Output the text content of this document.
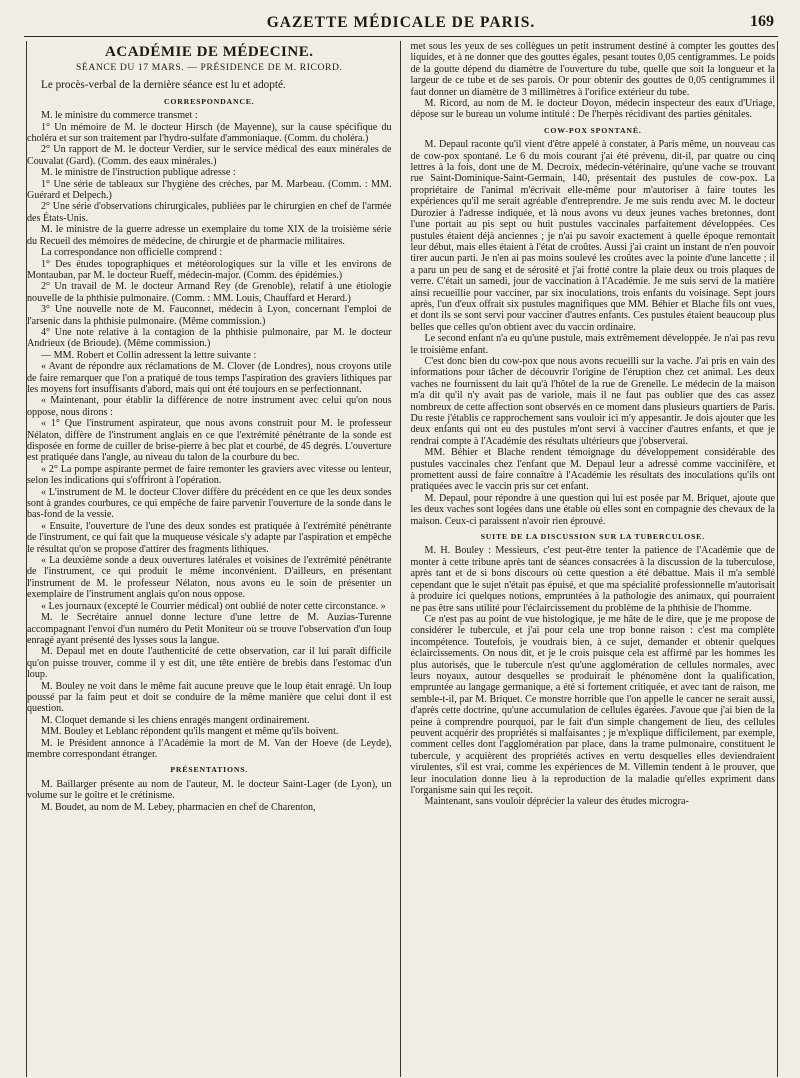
GAZETTE MÉDICALE DE PARIS.	169

ACADÉMIE DE MÉDECINE.

SÉANCE DU 17 MARS. — PRÉSIDENCE DE M. RICORD.

Le procès-verbal de la dernière séance est lu et adopté.

CORRESPONDANCE.

M. le ministre du commerce transmet :

1° Un mémoire de M. le docteur Hirsch (de Mayenne), sur la cause spécifique du choléra et sur son traitement par l'hydro-sulfate d'ammoniaque. (Comm. du choléra.)

2° Un rapport de M. le docteur Verdier, sur le service médical des eaux minérales de Couvalat (Gard). (Comm. des eaux minérales.)

M. le ministre de l'instruction publique adresse :

1° Une série de tableaux sur l'hygiène des crèches, par M. Marbeau. (Comm. : MM. Guérard et Delpech.)

2° Une série d'observations chirurgicales, publiées par le chirurgien en chef de l'armée des États-Unis.

M. le ministre de la guerre adresse un exemplaire du tome XIX de la troisième série du Recueil des mémoires de médecine, de chirurgie et de pharmacie militaires.

La correspondance non officielle comprend :

1° Des études topographiques et météorologiques sur la ville et les environs de Montauban, par M. le docteur Rueff, médecin-major. (Comm. des épidémies.)

2° Un travail de M. le docteur Armand Rey (de Grenoble), relatif à une étiologie nouvelle de la phthisie pulmonaire. (Comm. : MM. Louis, Chauffard et Herard.)

3° Une nouvelle note de M. Fauconnet, médecin à Lyon, concernant l'emploi de l'arsenic dans la phthisie pulmonaire. (Même commission.)

4° Une note relative à la contagion de la phthisie pulmonaire, par M. le docteur Andrieux (de Brioude). (Même commission.)

— MM. Robert et Collin adressent la lettre suivante :

« Avant de répondre aux réclamations de M. Clover (de Londres), nous croyons utile de faire remarquer que l'on a pratiqué de tous temps l'aspiration des graviers lithiques par les moyens fort insuffisants d'abord, mais qui ont été toujours en se perfectionnant.

« Maintenant, pour établir la différence de notre instrument avec celui qu'on nous oppose, nous dirons :

« 1° Que l'instrument aspirateur, que nous avons construit pour M. le professeur Nélaton, diffère de l'instrument anglais en ce que l'extrémité pénétrante de la sonde est disposée en forme de cuiller de brise-pierre à bec plat et courbé, de 45 degrés. L'ouverture est pratiquée dans l'angle, au niveau du talon de la courbure du bec.

« 2° La pompe aspirante permet de faire remonter les graviers avec vitesse ou lenteur, selon les indications qui s'offriront à l'opération.

« L'instrument de M. le docteur Clover diffère du précédent en ce que les deux sondes sont à grandes courbures, ce qui empêche de faire parvenir l'ouverture de la sonde dans le bas-fond de la vessie.

« Ensuite, l'ouverture de l'une des deux sondes est pratiquée à l'extrémité pénétrante de l'instrument, ce qui fait que la muqueuse vésicale s'y adapte par l'aspiration et empêche le résultat qu'on se propose d'attirer des fragments lithiques.

« La deuxième sonde a deux ouvertures latérales et voisines de l'extrémité pénétrante de l'instrument, ce qui produit le même inconvénient. D'ailleurs, en présentant l'instrument de M. le professeur Nélaton, nous avons eu le soin de présenter un exemplaire de l'instrument anglais qu'on nous oppose.

« Les journaux (excepté le Courrier médical) ont oublié de noter cette circonstance. »

M. le Secrétaire annuel donne lecture d'une lettre de M. Auzias-Turenne accompagnant l'envoi d'un numéro du Petit Moniteur où se trouve l'observation d'un loup enragé ayant présenté des lysses sous la langue.

M. Depaul met en doute l'authenticité de cette observation, car il lui paraît difficile qu'on puisse trouver, comme il y est dit, une tête entière de brebis dans l'estomac d'un loup.

M. Bouley ne voit dans le même fait aucune preuve que le loup était enragé. Un loup poussé par la faim peut et doit se conduire de la même manière que celui dont il est question.

M. Cloquet demande si les chiens enragés mangent ordinairement.

MM. Bouley et Leblanc répondent qu'ils mangent et même qu'ils boivent.

M. le Président annonce à l'Académie la mort de M. Van der Hoeve (de Leyde), membre correspondant étranger.

PRÉSENTATIONS.

M. Baillarger présente au nom de l'auteur, M. le docteur Saint-Lager (de Lyon), un volume sur le goître et le crétinisme.

M. Boudet, au nom de M. Lebey, pharmacien en chef de Charenton,

met sous les yeux de ses collègues un petit instrument destiné à compter les gouttes des liquides, et à ne donner que des gouttes égales, pesant toutes 0,05 centigrammes. Le poids de la goutte dépend du diamètre de l'ouverture du tube, quelle que soit la longueur et la largeur de ce tube et de ses parois. Or pour obtenir des gouttes de 0,05 centigrammes il faut donner un diamètre de 3 millimètres à l'orifice extérieur du tube.

M. Ricord, au nom de M. le docteur Doyon, médecin inspecteur des eaux d'Uriage, dépose sur le bureau un volume intitulé : De l'herpès récidivant des parties génitales.

COW-POX SPONTANÉ.

M. Depaul raconte qu'il vient d'être appelé à constater, à Paris même, un nouveau cas de cow-pox spontané. Le 6 du mois courant j'ai été prévenu, dit-il, par quatre ou cinq lettres à la fois, dont une de M. Decroix, médecin-vétérinaire, qu'une vache se trouvant rue Saint-Dominique-Saint-Germain, 140, présentait des pustules de cow-pox. La propriétaire de l'animal m'écrivait elle-même pour m'autoriser à faire toutes les expériences qu'il me serait agréable d'entreprendre. Je me suis rendu avec M. le docteur Durozier à l'adresse indiquée, et là nous avons vu deux jeunes vaches bretonnes, dont l'une portait au pis sept ou huit pustules vaccinales parfaitement développées. Ces pustules étaient déjà anciennes ; je n'ai pu savoir exactement à quelle époque remontait leur début, mais elles étaient à l'état de croûtes. Aussi j'ai craint un instant de n'en pouvoir tirer aucun parti. Je n'en ai pas moins soulevé les croûtes avec la pointe d'une lancette ; il a paru un peu de sang et de sérosité et j'ai frotté contre la plaie deux ou trois plaques de verre. C'était un samedi, jour de vaccination à l'Académie. Je me suis servi de la matière ainsi recueillie pour vacciner, par six inoculations, trois enfants du voisinage. Sept jours après, l'un d'eux offrait six pustules magnifiques que MM. Béhier et Blache fils ont vues, et dont ils se sont servi pour vacciner d'autres enfants. Ces pustules étaient beaucoup plus belles que celles qu'on obtient avec du vaccin ordinaire.

Le second enfant n'a eu qu'une pustule, mais extrêmement développée. Je n'ai pas revu le troisième enfant.

C'est donc bien du cow-pox que nous avons recueilli sur la vache. J'ai pris en vain des informations pour tâcher de découvrir l'origine de l'éruption chez cet animal. Les deux vaches ne fournissent du lait qu'à l'hôtel de la rue de Grenelle. Le médecin de la maison m'a dit qu'il n'y avait pas de variole, mais il ne faut pas oublier que des cas assez nombreux de cette affection sont observés en ce moment dans plusieurs quartiers de Paris. Du reste j'établis ce rapprochement sans vouloir ici m'y appesantir. Je dois ajouter que les deux enfants qui ont eu des pustules m'ont servi à vacciner d'autres enfants, et que je rendrai compte à l'Académie des résultats ultérieurs que j'observerai.

MM. Béhier et Blache rendent témoignage du développement considérable des pustules vaccinales chez l'enfant que M. Depaul leur a adressé comme vaccinifère, et promettent aussi de faire connaître à l'Académie les résultats des inoculations qu'ils ont pratiquées avec le vaccin pris sur cet enfant.

M. Depaul, pour répondre à une question qui lui est posée par M. Briquet, ajoute que les deux vaches sont logées dans une étable où elles sont en compagnie des chevaux de la maison. Ceux-ci paraissent n'avoir rien éprouvé.

SUITE DE LA DISCUSSION SUR LA TUBERCULOSE.

M. H. Bouley : Messieurs, c'est peut-être tenter la patience de l'Académie que de monter à cette tribune après tant de séances consacrées à la discussion de la tuberculose, après tant et de si bons discours où cette question a été débattue. Mais il m'a semblé cependant que le sujet n'était pas épuisé, et que ma spécialité professionnelle m'autorisait à produire ici quelques notions, empruntées à la pathologie des animaux, qui pourraient ne pas être sans utilité pour l'éclaircissement du problème de la phthisie de l'homme.

Ce n'est pas au point de vue histologique, je me hâte de le dire, que je me propose de considérer le tubercule, et j'ai pour cela une trop bonne raison : c'est ma complète incompétence. Toutefois, je voudrais bien, à ce sujet, demander et obtenir quelques éclaircissements. On nous dit, et je le crois puisque cela est affirmé par les hommes les plus autorisés, que le tubercule n'est qu'une agglomération de cellules normales, avec leurs noyaux, autour desquelles se produirait le phénomène dont la qualification, empruntée au langage germanique, a été si fortement critiquée, et avec tant de raison, me semble-t-il, par M. Briquet. Ce monstre horrible que l'on appelle le cancer ne serait aussi, d'après cette doctrine, qu'une accumulation de cellules égarées. J'avoue que j'ai bien de la peine à comprendre pourquoi, par le fait d'un simple changement de lieu, des cellules peuvent acquérir des propriétés si malfaisantes ; je m'explique difficilement, par exemple, comment celles dont l'agglomération par place, dans la trame pulmonaire, constituent le tubercule, y acquièrent des propriétés actives en vertu desquelles elles deviendraient virulentes, s'il est vrai, comme les expériences de M. Villemin tendent à le prouver, que leur inoculation donne lieu à la reproduction de la maladie qu'elles expriment dans l'organisme sain qui les reçoit.

Maintenant, sans vouloir déprécier la valeur des études microgra-
